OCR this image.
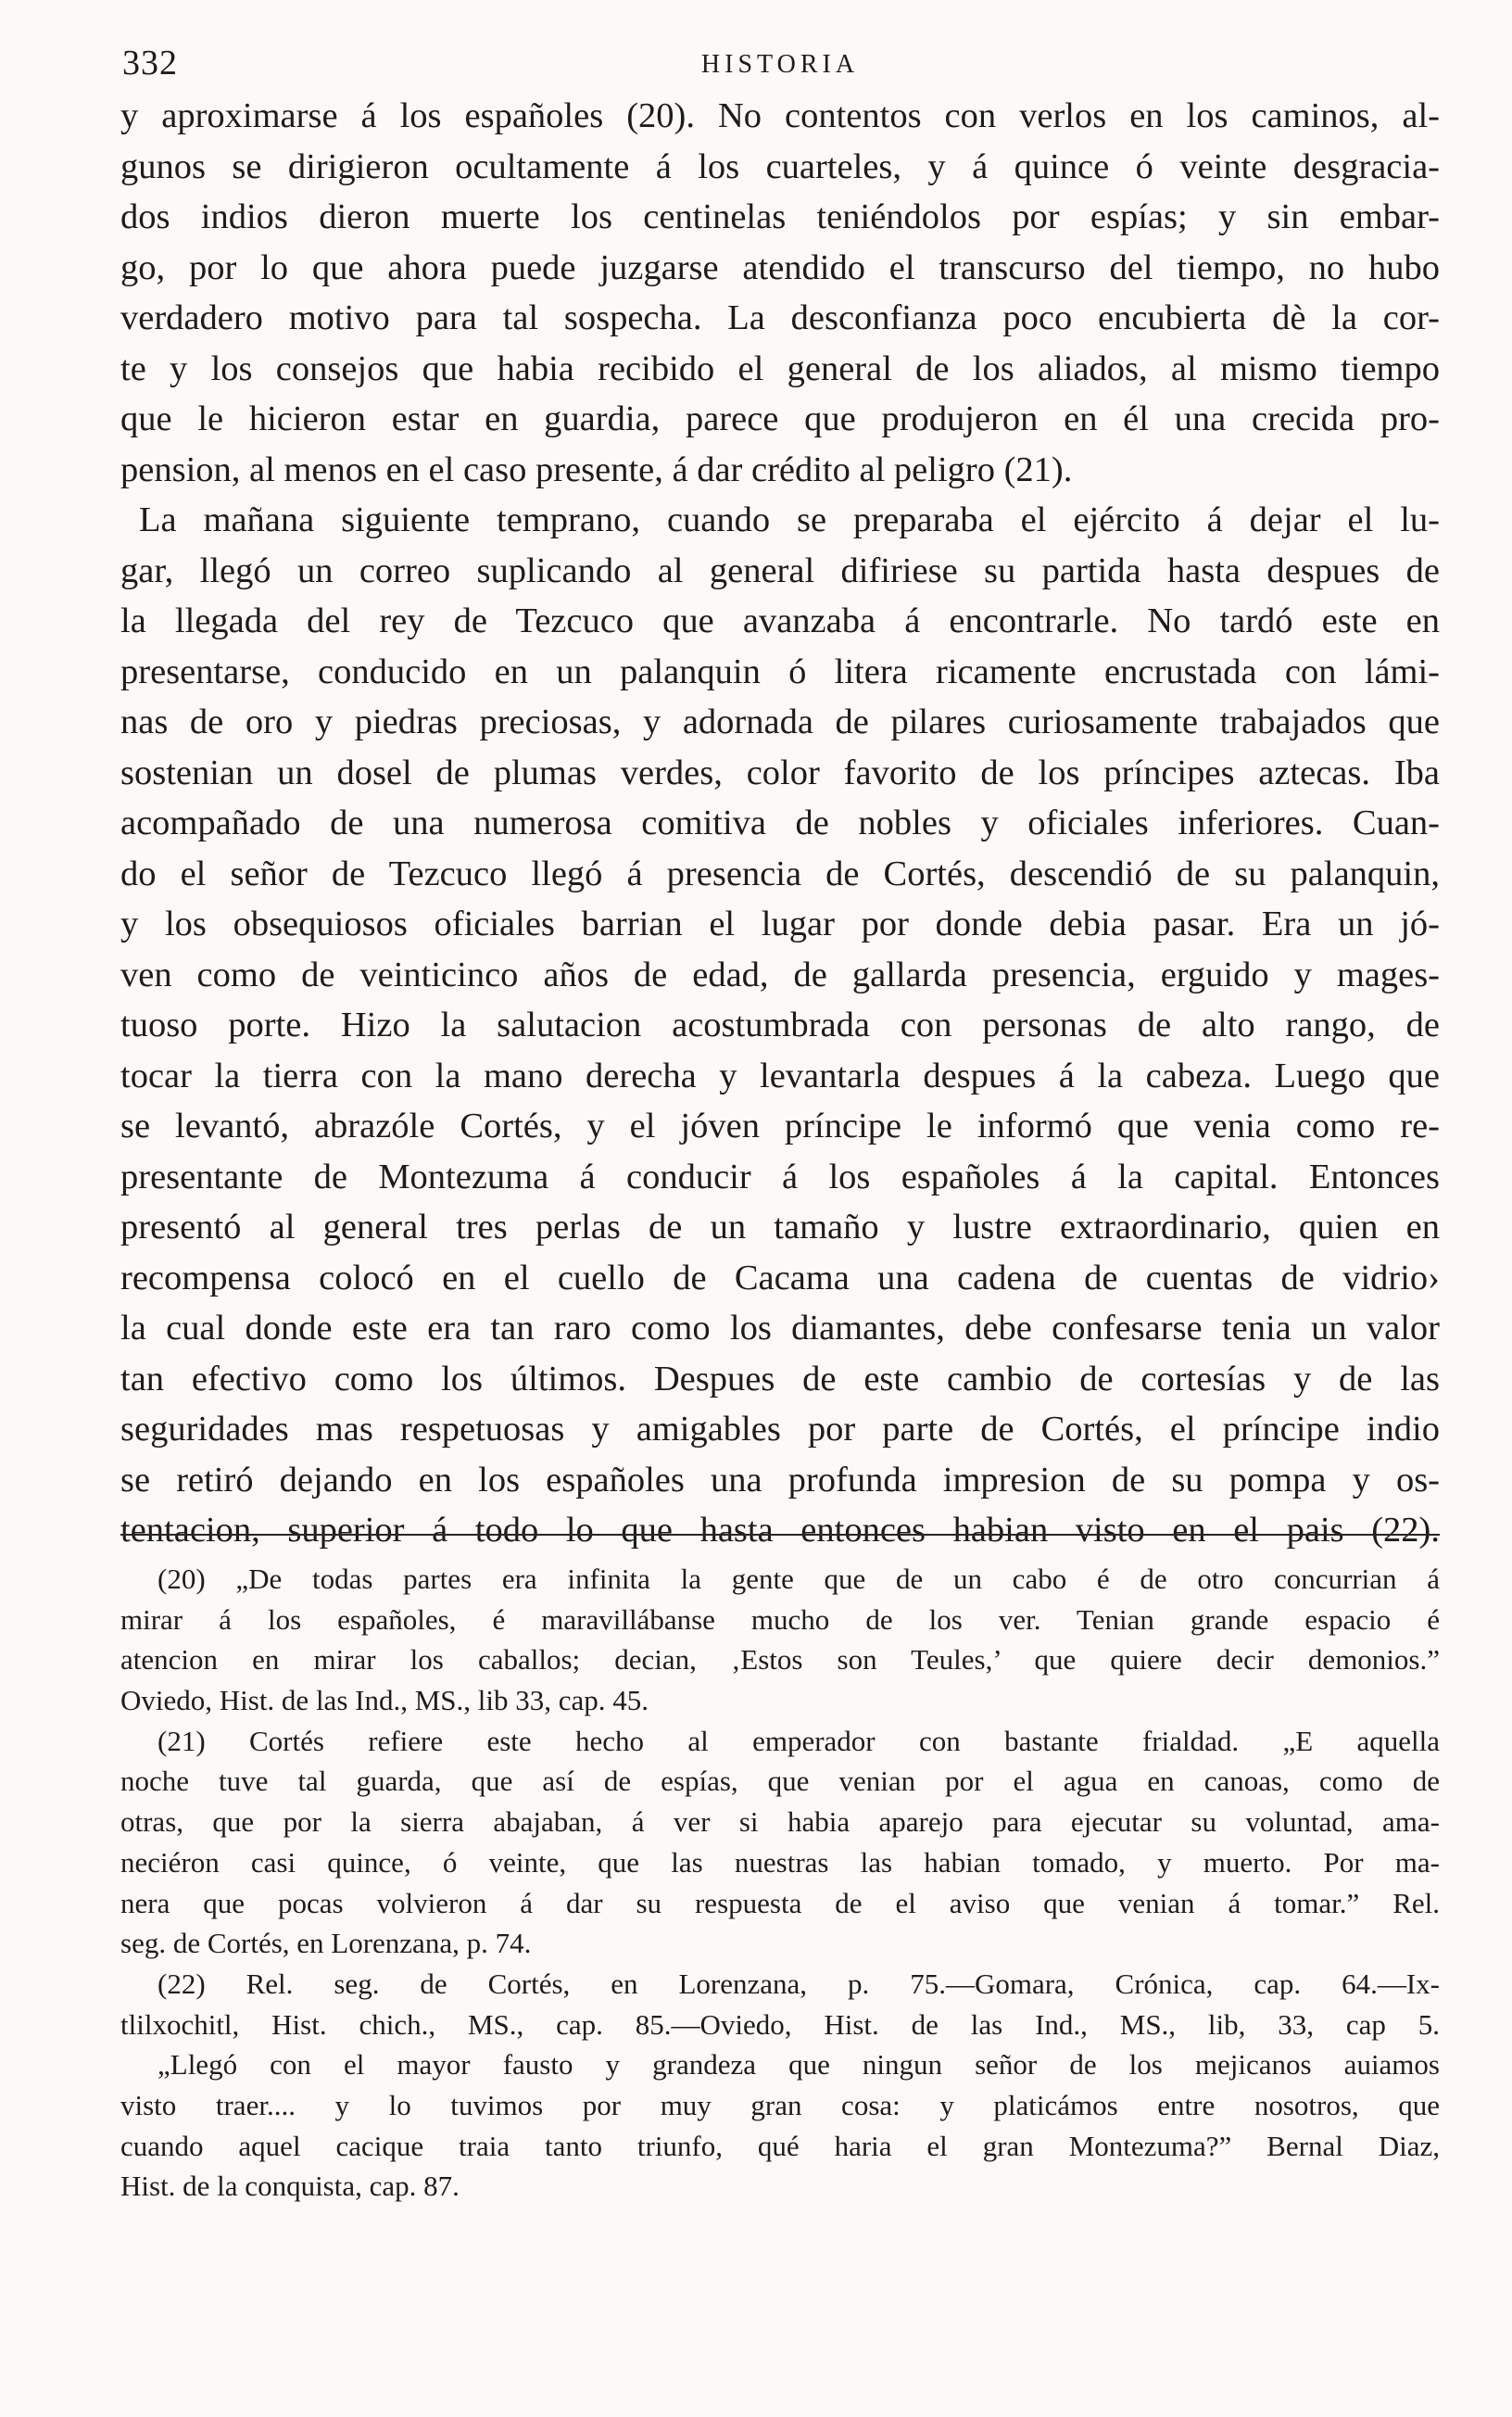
332	HISTORIA
y aproximarse á los españoles (20). No contentos con verlos en los caminos, al-
gunos se dirigieron ocultamente á los cuarteles, y á quince ó veinte desgracia-
dos indios dieron muerte los centinelas teniéndolos por espías; y sin embar-
go, por lo que ahora puede juzgarse atendido el transcurso del tiempo, no hubo
verdadero motivo para tal sospecha. La desconfianza poco encubierta dè la cor-
te y los consejos que habia recibido el general de los aliados, al mismo tiempo
que le hicieron estar en guardia, parece que produjeron en él una crecida pro-
pension, al menos en el caso presente, á dar crédito al peligro (21).
La mañana siguiente temprano, cuando se preparaba el ejército á dejar el lu-
gar, llegó un correo suplicando al general difiriese su partida hasta despues de
la llegada del rey de Tezcuco que avanzaba á encontrarle. No tardó este en
presentarse, conducido en un palanquin ó litera ricamente encrustada con lámi-
nas de oro y piedras preciosas, y adornada de pilares curiosamente trabajados que
sostenian un dosel de plumas verdes, color favorito de los príncipes aztecas. Iba
acompañado de una numerosa comitiva de nobles y oficiales inferiores. Cuan-
do el señor de Tezcuco llegó á presencia de Cortés, descendió de su palanquin,
y los obsequiosos oficiales barrian el lugar por donde debia pasar. Era un jó-
ven como de veinticinco años de edad, de gallarda presencia, erguido y mages-
tuoso porte. Hizo la salutacion acostumbrada con personas de alto rango, de
tocar la tierra con la mano derecha y levantarla despues á la cabeza. Luego que
se levantó, abrazóle Cortés, y el jóven príncipe le informó que venia como re-
presentante de Montezuma á conducir á los españoles á la capital. Entonces
presentó al general tres perlas de un tamaño y lustre extraordinario, quien en
recompensa colocó en el cuello de Cacama una cadena de cuentas de vidrio›
la cual donde este era tan raro como los diamantes, debe confesarse tenia un valor
tan efectivo como los últimos. Despues de este cambio de cortesías y de las
seguridades mas respetuosas y amigables por parte de Cortés, el príncipe indio
se retiró dejando en los españoles una profunda impresion de su pompa y os-
tentacion, superior á todo lo que hasta entonces habian visto en el pais (22).
(20) „De todas partes era infinita la gente que de un cabo é de otro concurrian á
mirar á los españoles, é maravillábanse mucho de los ver. Tenian grande espacio é
atencion en mirar los caballos; decian, ‚Estos son Teules,’ que quiere decir demonios.”
Oviedo, Hist. de las Ind., MS., lib 33, cap. 45.
(21) Cortés refiere este hecho al emperador con bastante frialdad. „E aquella
noche tuve tal guarda, que así de espías, que venian por el agua en canoas, como de
otras, que por la sierra abajaban, á ver si habia aparejo para ejecutar su voluntad, ama-
neciéron casi quince, ó veinte, que las nuestras las habian tomado, y muerto. Por ma-
nera que pocas volvieron á dar su respuesta de el aviso que venian á tomar.” Rel.
seg. de Cortés, en Lorenzana, p. 74.
(22) Rel. seg. de Cortés, en Lorenzana, p. 75.—Gomara, Crónica, cap. 64.—Ix-
tlilxochitl, Hist. chich., MS., cap. 85.—Oviedo, Hist. de las Ind., MS., lib, 33, cap 5.
„Llegó con el mayor fausto y grandeza que ningun señor de los mejicanos auiamos
visto traer.... y lo tuvimos por muy gran cosa: y platicámos entre nosotros, que
cuando aquel cacique traia tanto triunfo, qué haria el gran Montezuma?” Bernal Diaz,
Hist. de la conquista, cap. 87.
